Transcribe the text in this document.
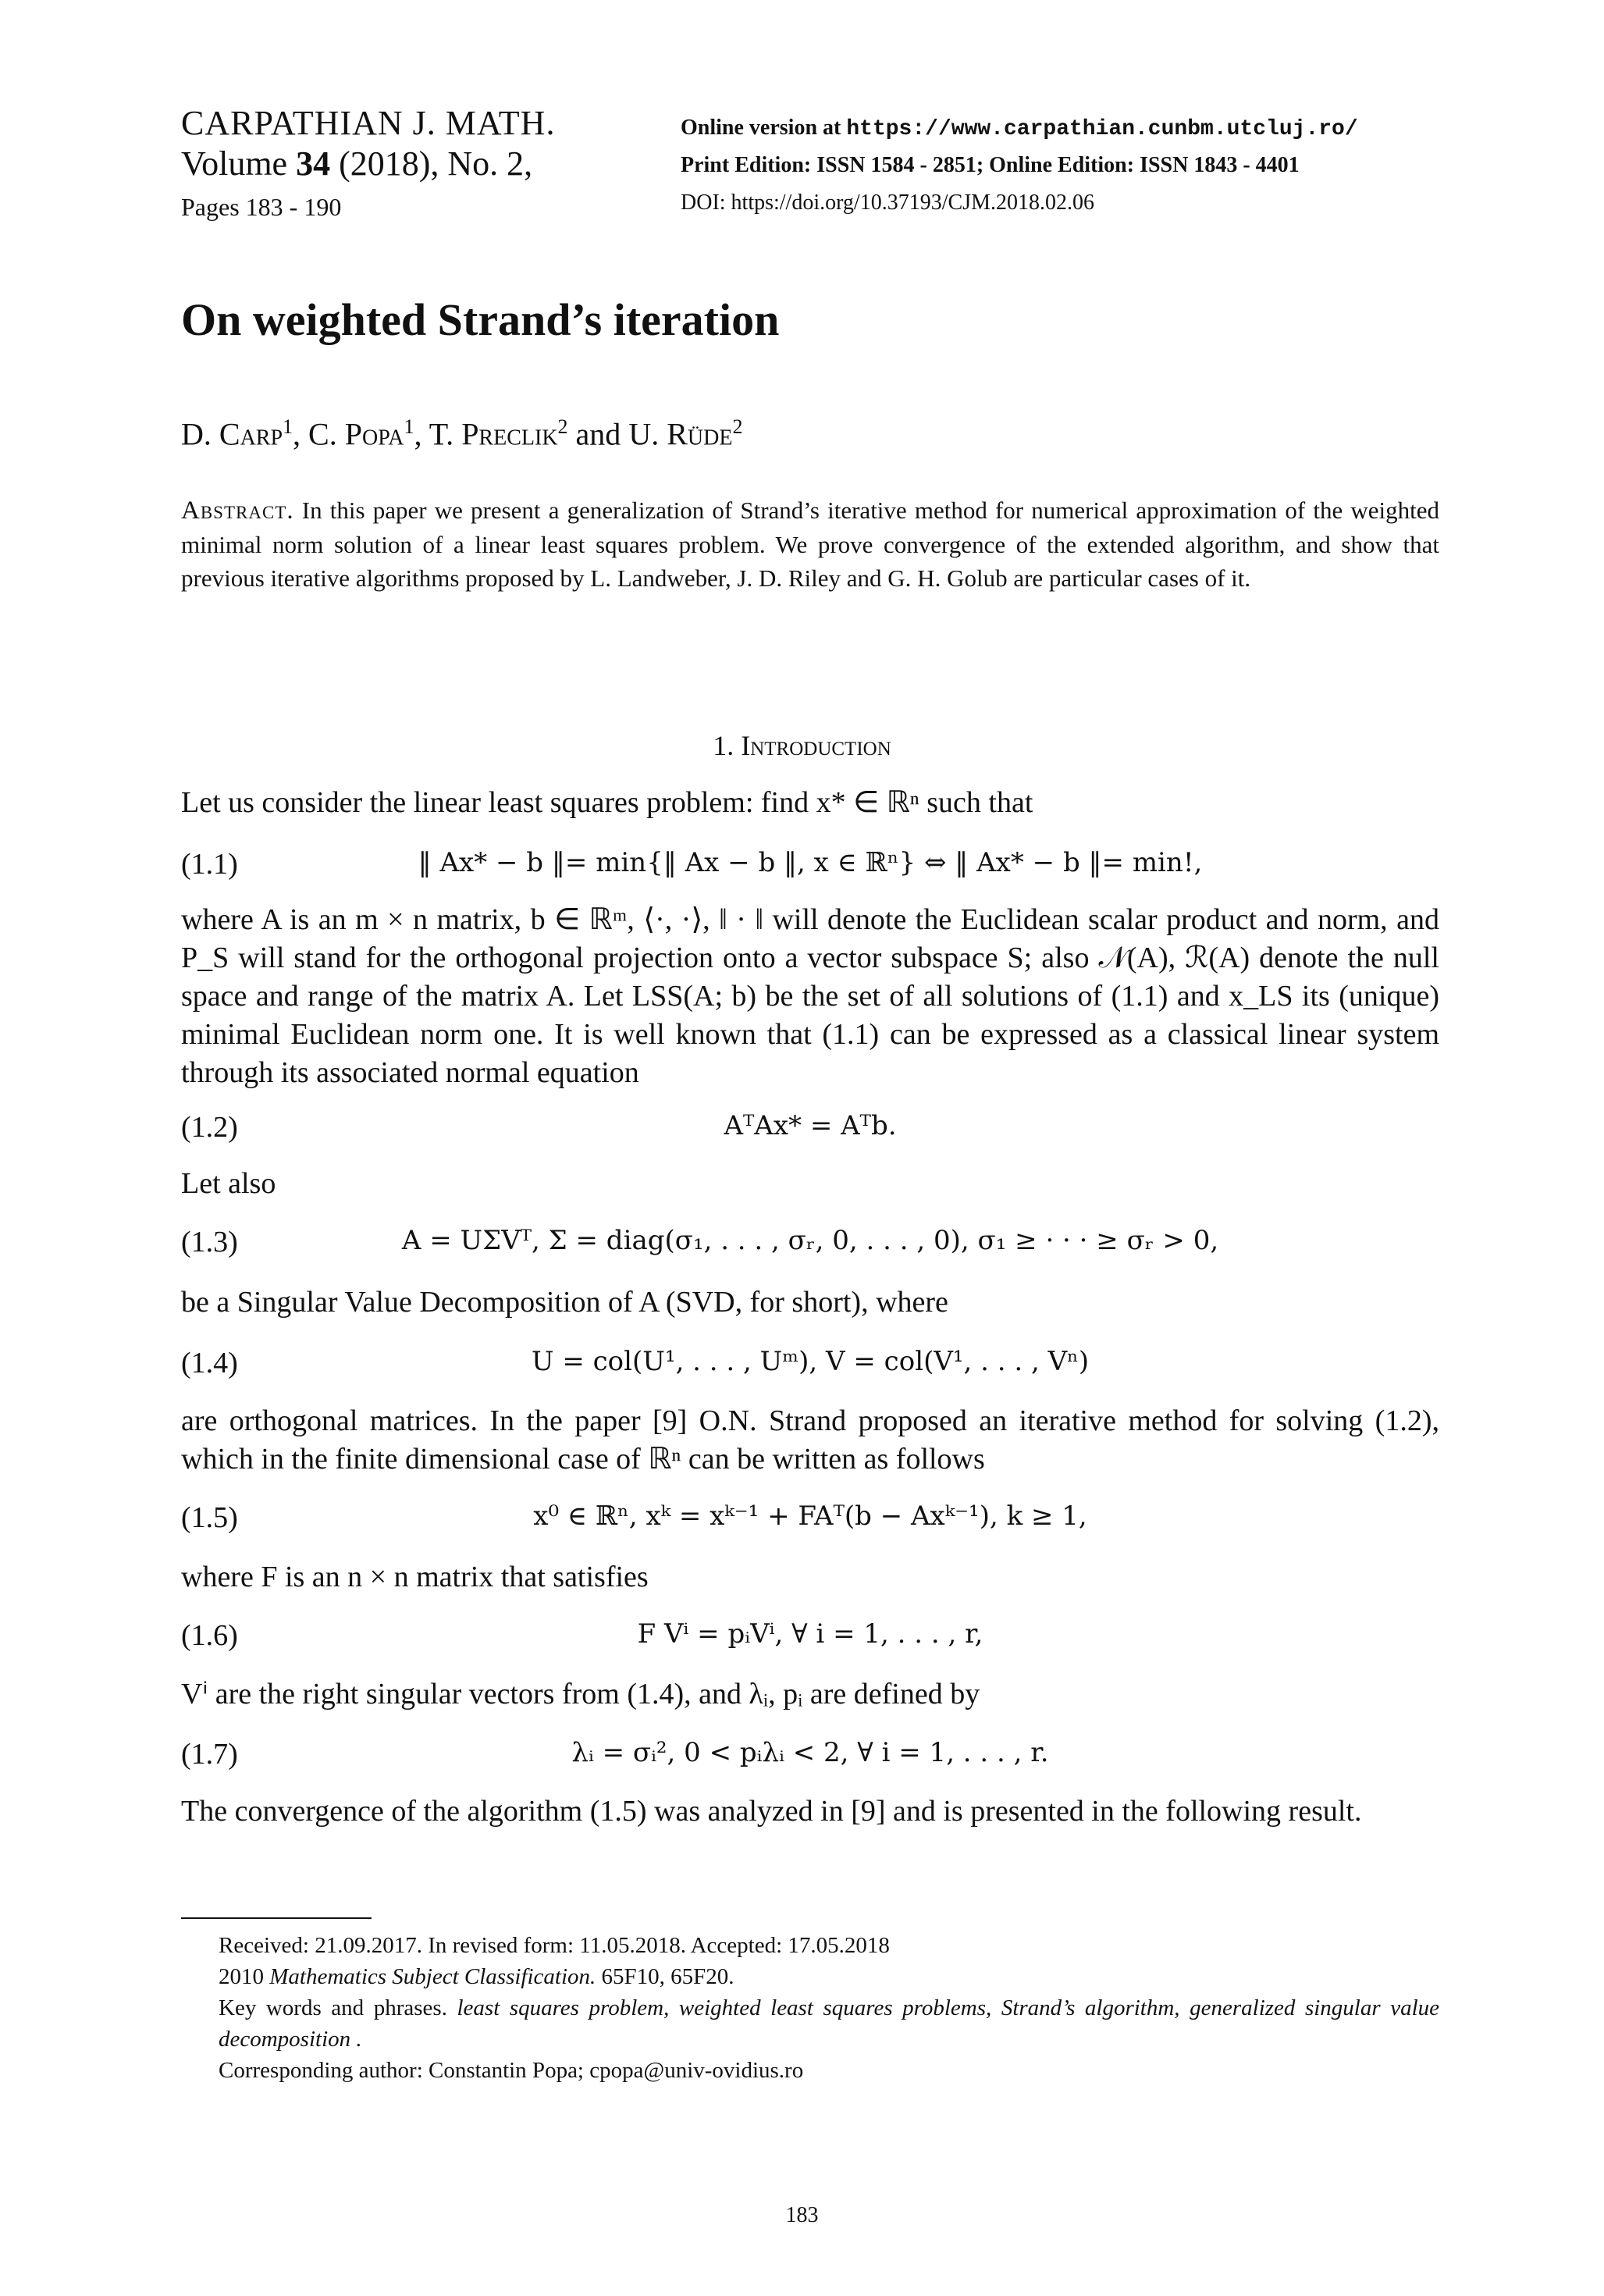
CARPATHIAN J. MATH.
Volume 34 (2018), No. 2,
Pages 183 - 190
Online version at https://www.carpathian.cunbm.utcluj.ro/
Print Edition: ISSN 1584 - 2851; Online Edition: ISSN 1843 - 4401
DOI: https://doi.org/10.37193/CJM.2018.02.06
On weighted Strand’s iteration
D. Carp$^1$, C. Popa$^1$, T. Preclik$^2$ and U. Rüde$^2$
Abstract. In this paper we present a generalization of Strand’s iterative method for numerical approximation of the weighted minimal norm solution of a linear least squares problem. We prove convergence of the extended algorithm, and show that previous iterative algorithms proposed by L. Landweber, J. D. Riley and G. H. Golub are particular cases of it.
1. Introduction
Let us consider the linear least squares problem: find x* ∈ ℝⁿ such that
(1.1)	‖ Ax* − b ‖= min{‖ Ax − b ‖, x ∈ ℝⁿ} ⇔ ‖ Ax* − b ‖= min!,
where A is an m × n matrix, b ∈ ℝᵐ, ⟨·, ·⟩, ‖ · ‖ will denote the Euclidean scalar product and norm, and P_S will stand for the orthogonal projection onto a vector subspace S; also 𝒩(A), ℛ(A) denote the null space and range of the matrix A. Let LSS(A; b) be the set of all solutions of (1.1) and x_LS its (unique) minimal Euclidean norm one. It is well known that (1.1) can be expressed as a classical linear system through its associated normal equation
(1.2)	AᵀAx* = Aᵀb.
Let also
(1.3)	A = UΣVᵀ, Σ = diag(σ₁, . . . , σᵣ, 0, . . . , 0), σ₁ ≥ · · · ≥ σᵣ > 0,
be a Singular Value Decomposition of A (SVD, for short), where
(1.4)	U = col(U¹, . . . , Uᵐ), V = col(V¹, . . . , Vⁿ)
are orthogonal matrices. In the paper [9] O.N. Strand proposed an iterative method for solving (1.2), which in the finite dimensional case of ℝⁿ can be written as follows
(1.5)	x⁰ ∈ ℝⁿ, xᵏ = xᵏ⁻¹ + FAᵀ(b − Axᵏ⁻¹), k ≥ 1,
where F is an n × n matrix that satisfies
(1.6)	F Vⁱ = pᵢVⁱ, ∀ i = 1, . . . , r,
Vⁱ are the right singular vectors from (1.4), and λᵢ, pᵢ are defined by
(1.7)	λᵢ = σᵢ², 0 < pᵢλᵢ < 2, ∀ i = 1, . . . , r.
The convergence of the algorithm (1.5) was analyzed in [9] and is presented in the following result.
Received: 21.09.2017. In revised form: 11.05.2018. Accepted: 17.05.2018
2010 Mathematics Subject Classification. 65F10, 65F20.
Key words and phrases. least squares problem, weighted least squares problems, Strand’s algorithm, generalized singular value decomposition .
Corresponding author: Constantin Popa; cpopa@univ-ovidius.ro
183
